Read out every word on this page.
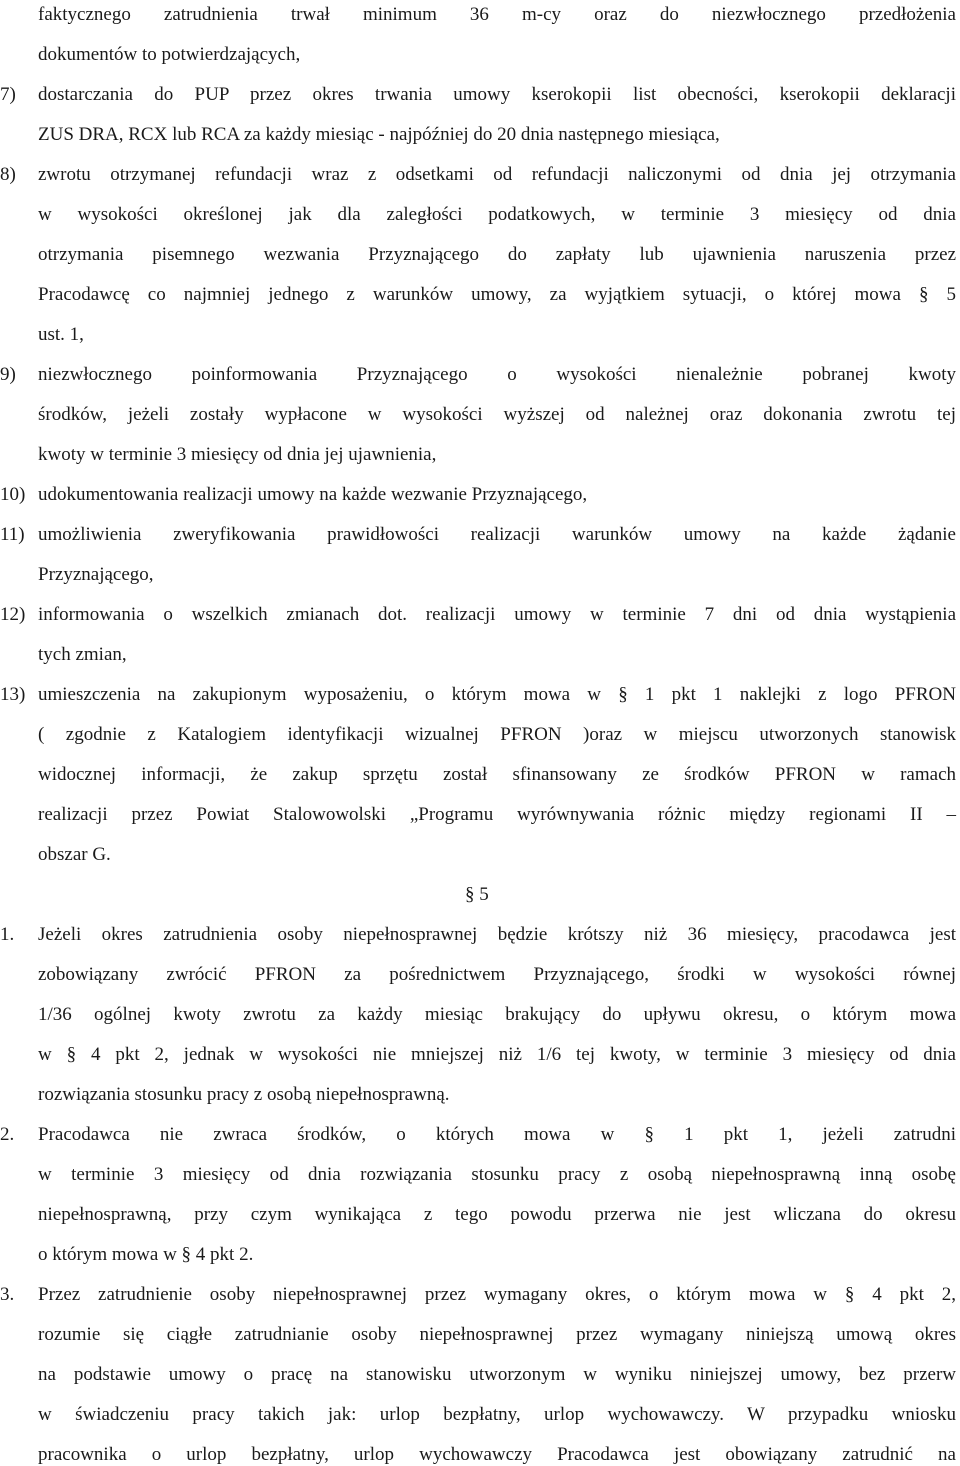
faktycznego zatrudnienia trwał minimum 36 m-cy oraz do niezwłocznego przedłożenia
dokumentów to potwierdzających,
7) dostarczania do PUP przez okres trwania umowy kserokopii list obecności, kserokopii deklaracji
ZUS DRA, RCX lub RCA za każdy miesiąc - najpóźniej do 20 dnia następnego miesiąca,
8) zwrotu otrzymanej refundacji wraz z odsetkami od refundacji naliczonymi od dnia jej otrzymania
w wysokości określonej jak dla zaległości podatkowych, w terminie 3 miesięcy od dnia
otrzymania pisemnego wezwania Przyznającego do zapłaty lub ujawnienia naruszenia przez
Pracodawcę co najmniej jednego z warunków umowy, za wyjątkiem sytuacji, o której mowa § 5
ust. 1,
9) niezwłocznego poinformowania Przyznającego o wysokości nienależnie pobranej kwoty
środków, jeżeli zostały wypłacone w wysokości wyższej od należnej oraz dokonania zwrotu tej
kwoty w terminie 3 miesięcy od dnia jej ujawnienia,
10) udokumentowania realizacji umowy na każde wezwanie Przyznającego,
11) umożliwienia zweryfikowania prawidłowości realizacji warunków umowy na każde żądanie
Przyznającego,
12) informowania o wszelkich zmianach dot. realizacji umowy w terminie 7 dni od dnia wystąpienia
tych zmian,
13) umieszczenia na zakupionym wyposażeniu, o którym mowa w § 1 pkt 1 naklejki z logo PFRON
( zgodnie z Katalogiem identyfikacji wizualnej PFRON )oraz w miejscu utworzonych stanowisk
widocznej informacji, że zakup sprzętu został sfinansowany ze środków PFRON w ramach
realizacji przez Powiat Stalowowolski „Programu wyrównywania różnic między regionami II –
obszar G.
1. Jeżeli okres zatrudnienia osoby niepełnosprawnej będzie krótszy niż 36 miesięcy, pracodawca jest
zobowiązany zwrócić PFRON za pośrednictwem Przyznającego, środki w wysokości równej
1/36 ogólnej kwoty zwrotu za każdy miesiąc brakujący do upływu okresu, o którym mowa
w § 4 pkt 2, jednak w wysokości nie mniejszej niż 1/6 tej kwoty, w terminie 3 miesięcy od dnia
rozwiązania stosunku pracy z osobą niepełnosprawną.
2. Pracodawca nie zwraca środków, o których mowa w § 1 pkt 1, jeżeli zatrudni
w terminie 3 miesięcy od dnia rozwiązania stosunku pracy z osobą niepełnosprawną inną osobę
niepełnosprawną, przy czym wynikająca z tego powodu przerwa nie jest wliczana do okresu
o którym mowa w § 4 pkt 2.
3. Przez zatrudnienie osoby niepełnosprawnej przez wymagany okres, o którym mowa w § 4 pkt 2,
rozumie się ciągłe zatrudnianie osoby niepełnosprawnej przez wymagany niniejszą umową okres
na podstawie umowy o pracę na stanowisku utworzonym w wyniku niniejszej umowy, bez przerw
w świadczeniu pracy takich jak: urlop bezpłatny, urlop wychowawczy. W przypadku wniosku
pracownika o urlop bezpłatny, urlop wychowawczy Pracodawca jest obowiązany zatrudnić na
§ 5
